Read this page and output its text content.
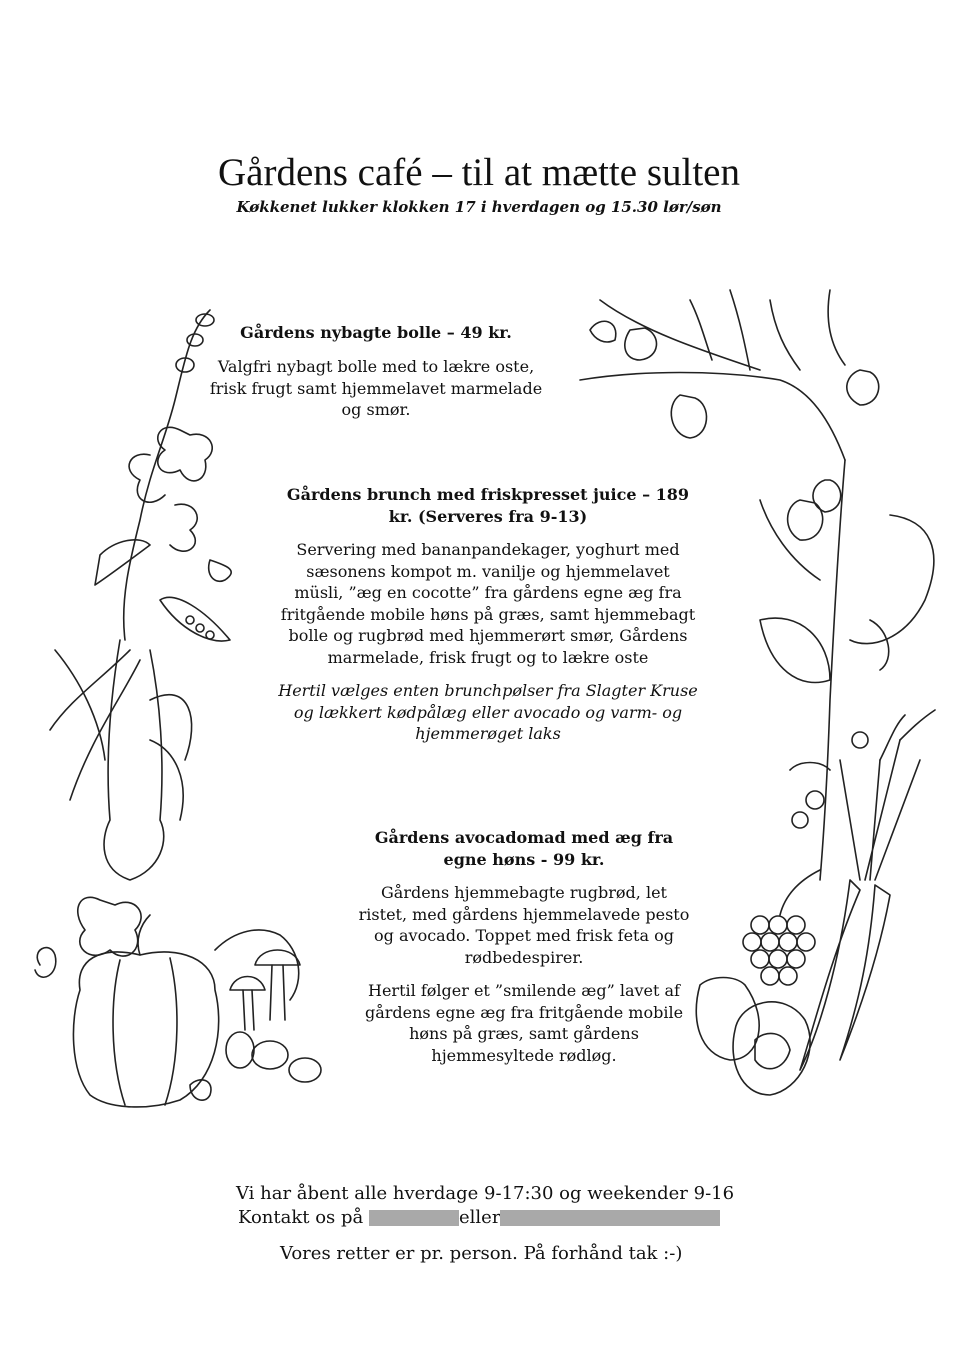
Gårdens café – til at mætte sulten
Køkkenet lukker klokken 17 i hverdagen og 15.30 lør/søn
Gårdens nybagte bolle – 49 kr.
Valgfri nybagt bolle med to lækre oste,
frisk frugt samt hjemmelavet marmelade
og smør.
Gårdens brunch med friskpresset juice – 189
kr. (Serveres fra 9-13)
Servering med bananpandekager, yoghurt med
sæsonens kompot m. vanilje og hjemmelavet
müsli, ”æg en cocotte” fra gårdens egne æg fra
fritgående mobile høns på græs, samt hjemmebagt
bolle og rugbrød med hjemmerørt smør, Gårdens
marmelade, frisk frugt og to lækre oste
Hertil vælges enten brunchpølser fra Slagter Kruse
og lækkert kødpålæg eller avocado og varm- og
hjemmerøget laks
Gårdens avocadomad med æg fra
egne høns - 99 kr.
Gårdens hjemmebagte rugbrød, let
ristet, med gårdens hjemmelavede pesto
og avocado. Toppet med frisk feta og
rødbedespirer.
Hertil følger et ”smilende æg” lavet af
gårdens egne æg fra fritgående mobile
høns på græs, samt gårdens
hjemmesyltede rødløg.
Vi har åbent alle hverdage 9-17:30 og weekender 9-16
Kontakt os på	eller
Vores retter er pr. person. På forhånd tak :-)
